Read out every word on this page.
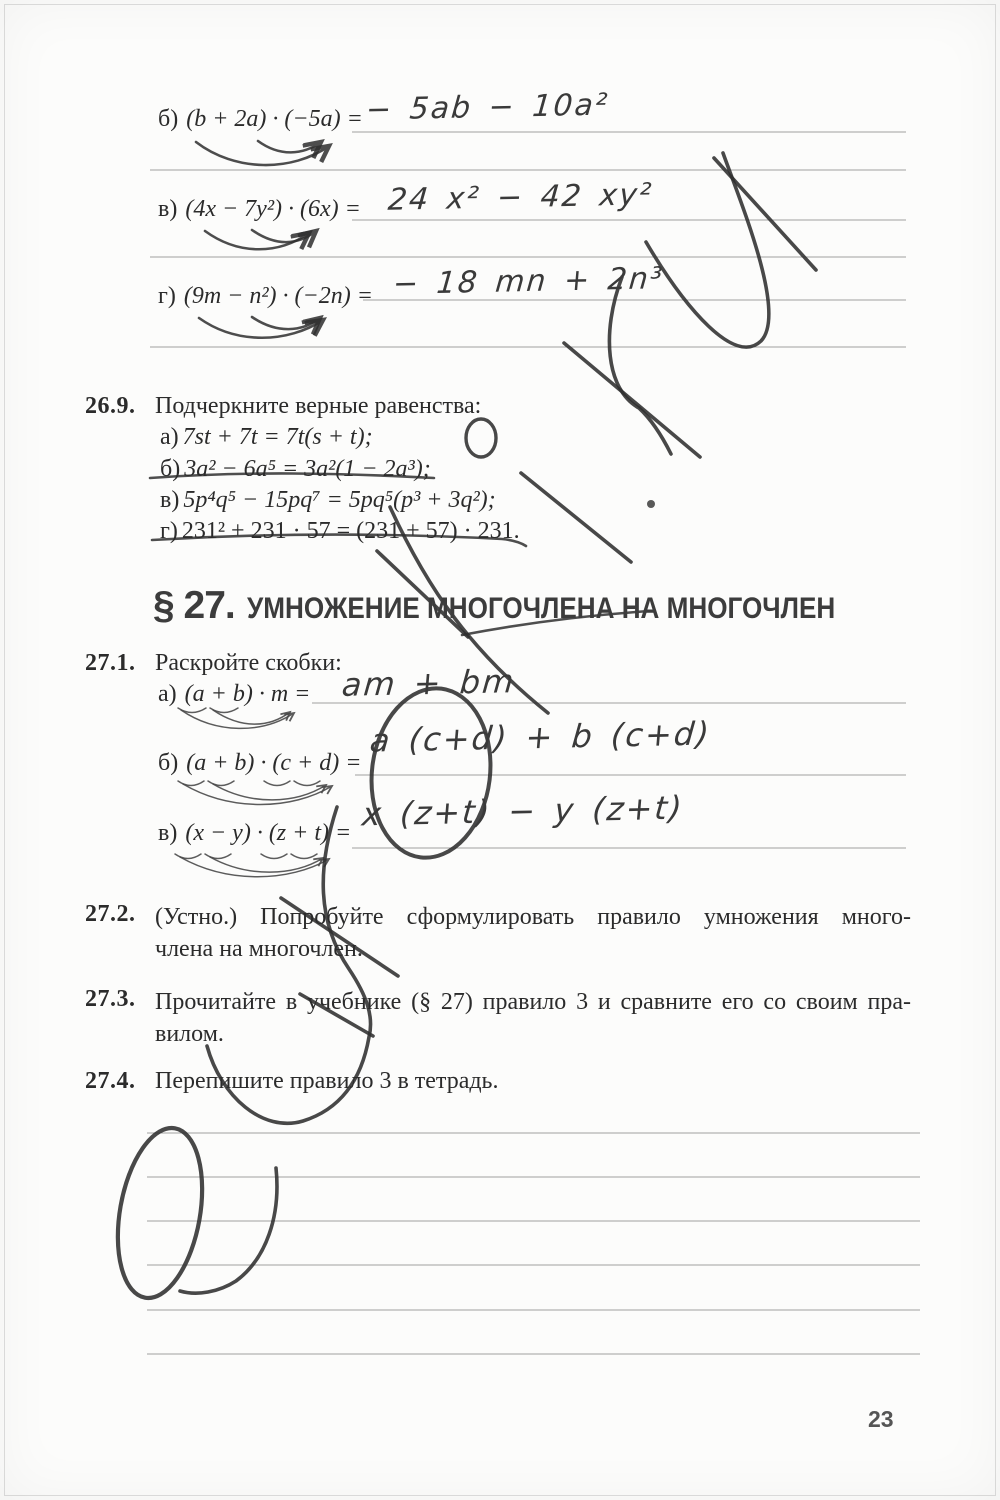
б) (b + 2a) · (−5a) = − 5ab − 10a²
в) (4x − 7y²) · (6x) = 24 x² − 42 xy²
г) (9m − n²) · (−2n) = − 18 mn + 2n³
26.9. Подчеркните верные равенства:
а) 7st + 7t = 7t(s + t);
б) 3a² − 6a⁵ = 3a²(1 − 2a³);
в) 5p⁴q⁵ − 15pq⁷ = 5pq⁵(p³ + 3q²);
г) 231² + 231 · 57 = (231 + 57) · 231.
§ 27. УМНОЖЕНИЕ МНОГОЧЛЕНА НА МНОГОЧЛЕН
27.1. Раскройте скобки:
а) (a + b) · m = am + bm
б) (a + b) · (c + d) =
a (c+d) + b (c+d)
в) (x − y) · (z + t) = x (z+t) − y (z+t)
27.2. (Устно.) Попробуйте сформулировать правило умножения много-
члена на многочлен.
27.3. Прочитайте в учебнике (§ 27) правило 3 и сравните его со своим пра-
вилом.
27.4. Перепишите правило 3 в тетрадь.
23
